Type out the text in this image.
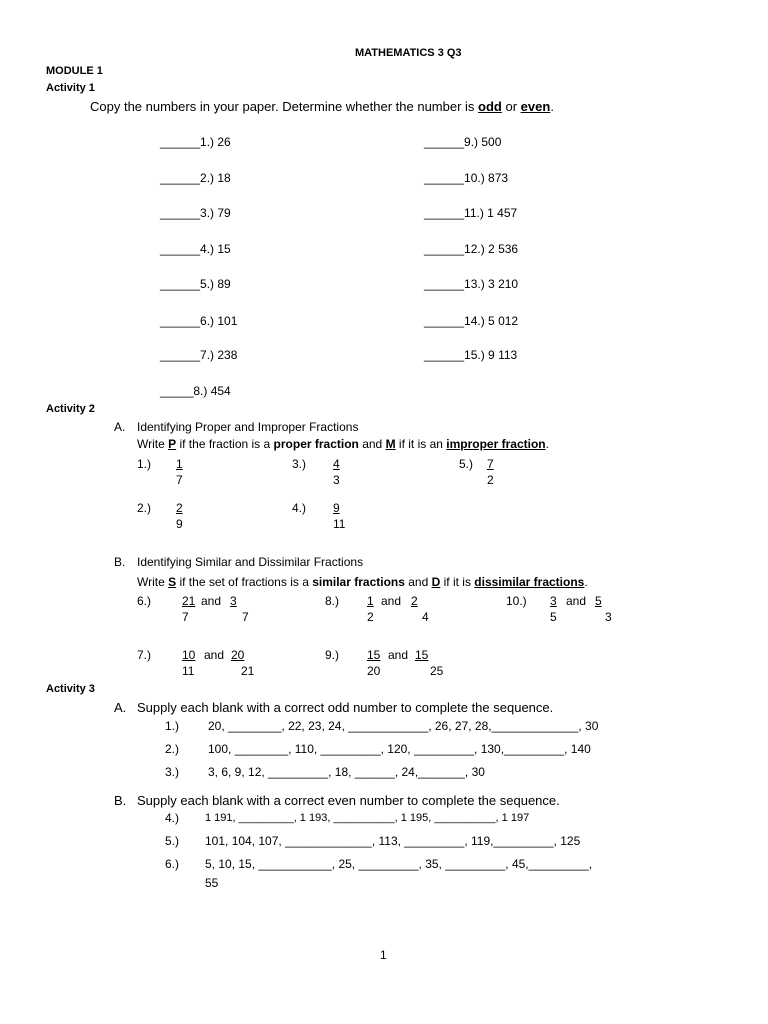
MATHEMATICS 3 Q3
MODULE 1
Activity 1
Copy the numbers in your paper. Determine whether the number is odd or even.
______1.) 26
______2.) 18
______3.) 79
______4.) 15
______5.) 89
______6.) 101
______7.) 238
_____8.) 454
______9.) 500
______10.) 873
______11.) 1 457
______12.) 2 536
______13.) 3 210
______14.) 5 012
______15.) 9 113
Activity 2
A. Identifying Proper and Improper Fractions
Write P if the fraction is a proper fraction and M if it is an improper fraction.
$1.) \frac{1}{7}$
$2.) \frac{2}{9}$
$3.) \frac{4}{3}$
$4.) \frac{9}{11}$
$5.) \frac{7}{2}$
B. Identifying Similar and Dissimilar Fractions
Write S if the set of fractions is a similar fractions and D if it is dissimilar fractions.
6.)	$\frac{21}{7}$
and $\frac{3}{7}$
7.)	$\frac{10}{11}$
and $\frac{20}{21}$
$8.) \frac{1}{2}$
and $\frac{2}{4}$
$9.) \frac{15}{20}$
and $\frac{15}{25}$
$10.) \frac{3}{5}$
and $\frac{5}{3}$
Activity 3
A. Supply each blank with a correct odd number to complete the sequence.
1.) 20, ________, 22, 23, 24, ____________, 26, 27, 28,_____________, 30
2.) 100, ________, 110, _________, 120, _________, 130,_________, 140
3.) 3, 6, 9, 12, _________, 18, ______, 24,_______, 30
B. Supply each blank with a correct even number to complete the sequence.
4.) 1 191, _________, 1 193, __________, 1 195, __________, 1 197
5.) 101, 104, 107, _____________, 113, _________, 119,_________, 125
6.) 5, 10, 15, ___________, 25, _________, 35, _________, 45,_________,
55
1
